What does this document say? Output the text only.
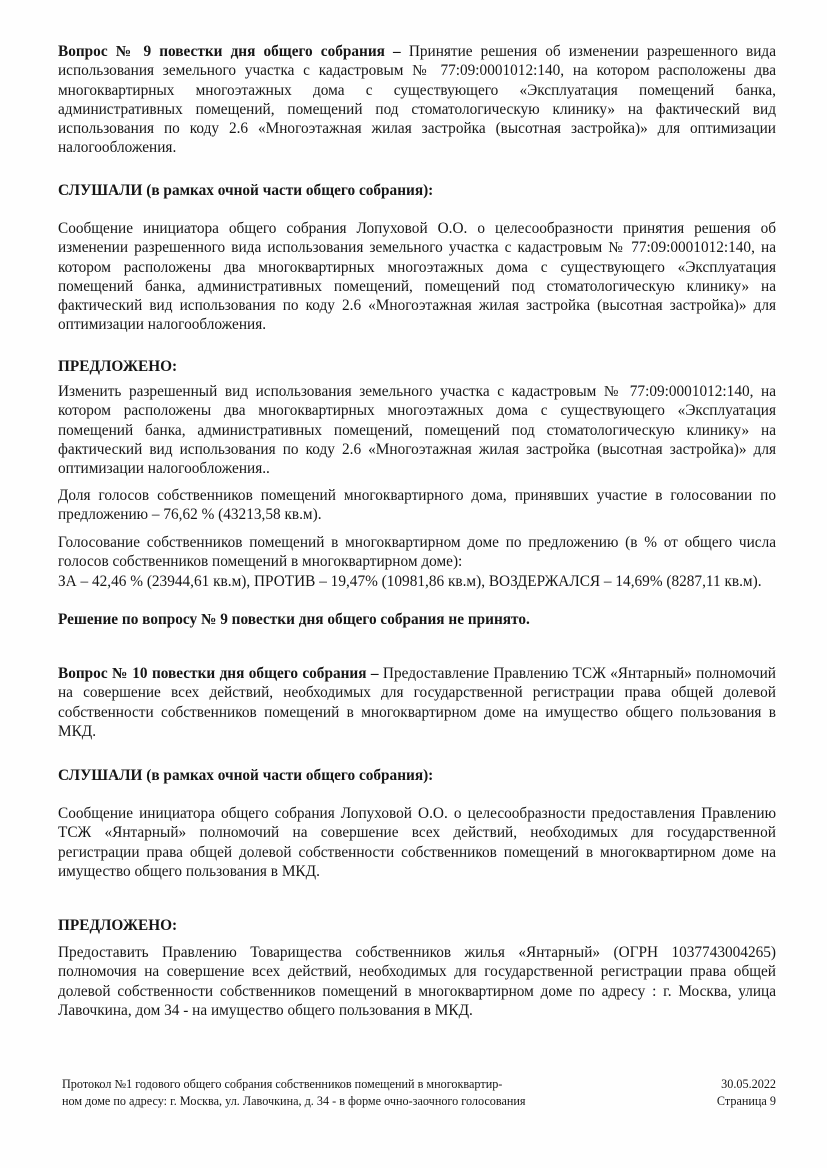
Вопрос № 9 повестки дня общего собрания – Принятие решения об изменении разрешенного вида использования земельного участка с кадастровым № 77:09:0001012:140, на котором расположены два многоквартирных многоэтажных дома с существующего «Эксплуатация помещений банка, административных помещений, помещений под стоматологическую клинику» на фактический вид использования по коду 2.6 «Многоэтажная жилая застройка (высотная застройка)» для оптимизации налогообложения.

СЛУШАЛИ (в рамках очной части общего собрания):

Сообщение инициатора общего собрания Лопуховой О.О. о целесообразности принятия решения об изменении разрешенного вида использования земельного участка с кадастровым № 77:09:0001012:140, на котором расположены два многоквартирных многоэтажных дома с существующего «Эксплуатация помещений банка, административных помещений, помещений под стоматологическую клинику» на фактический вид использования по коду 2.6 «Многоэтажная жилая застройка (высотная застройка)» для оптимизации налогообложения.

ПРЕДЛОЖЕНО:

Изменить разрешенный вид использования земельного участка с кадастровым № 77:09:0001012:140, на котором расположены два многоквартирных многоэтажных дома с существующего «Эксплуатация помещений банка, административных помещений, помещений под стоматологическую клинику» на фактический вид использования по коду 2.6 «Многоэтажная жилая застройка (высотная застройка)» для оптимизации налогообложения..

Доля голосов собственников помещений многоквартирного дома, принявших участие в голосовании по предложению – 76,62 % (43213,58 кв.м).

Голосование собственников помещений в многоквартирном доме по предложению (в % от общего числа голосов собственников помещений в многоквартирном доме):

ЗА – 42,46 % (23944,61 кв.м), ПРОТИВ – 19,47% (10981,86 кв.м), ВОЗДЕРЖАЛСЯ – 14,69% (8287,11 кв.м).

Решение по вопросу № 9 повестки дня общего собрания не принято.

Вопрос № 10 повестки дня общего собрания – Предоставление Правлению ТСЖ «Янтарный» полномочий на совершение всех действий, необходимых для государственной регистрации права общей долевой собственности собственников помещений в многоквартирном доме на имущество общего пользования в МКД.

СЛУШАЛИ (в рамках очной части общего собрания):

Сообщение инициатора общего собрания Лопуховой О.О. о целесообразности предоставления Правлению ТСЖ «Янтарный» полномочий на совершение всех действий, необходимых для государственной регистрации права общей долевой собственности собственников помещений в многоквартирном доме на имущество общего пользования в МКД.

ПРЕДЛОЖЕНО:

Предоставить Правлению Товарищества собственников жилья «Янтарный» (ОГРН 1037743004265) полномочия на совершение всех действий, необходимых для государственной регистрации права общей долевой собственности собственников помещений в многоквартирном доме по адресу : г. Москва, улица Лавочкина, дом 34 - на имущество общего пользования в МКД.

Протокол №1 годового общего собрания собственников помещений в многоквартир-
ном доме по адресу: г. Москва, ул. Лавочкина, д. 34 - в форме очно-заочного голосования
30.05.2022
Страница 9
